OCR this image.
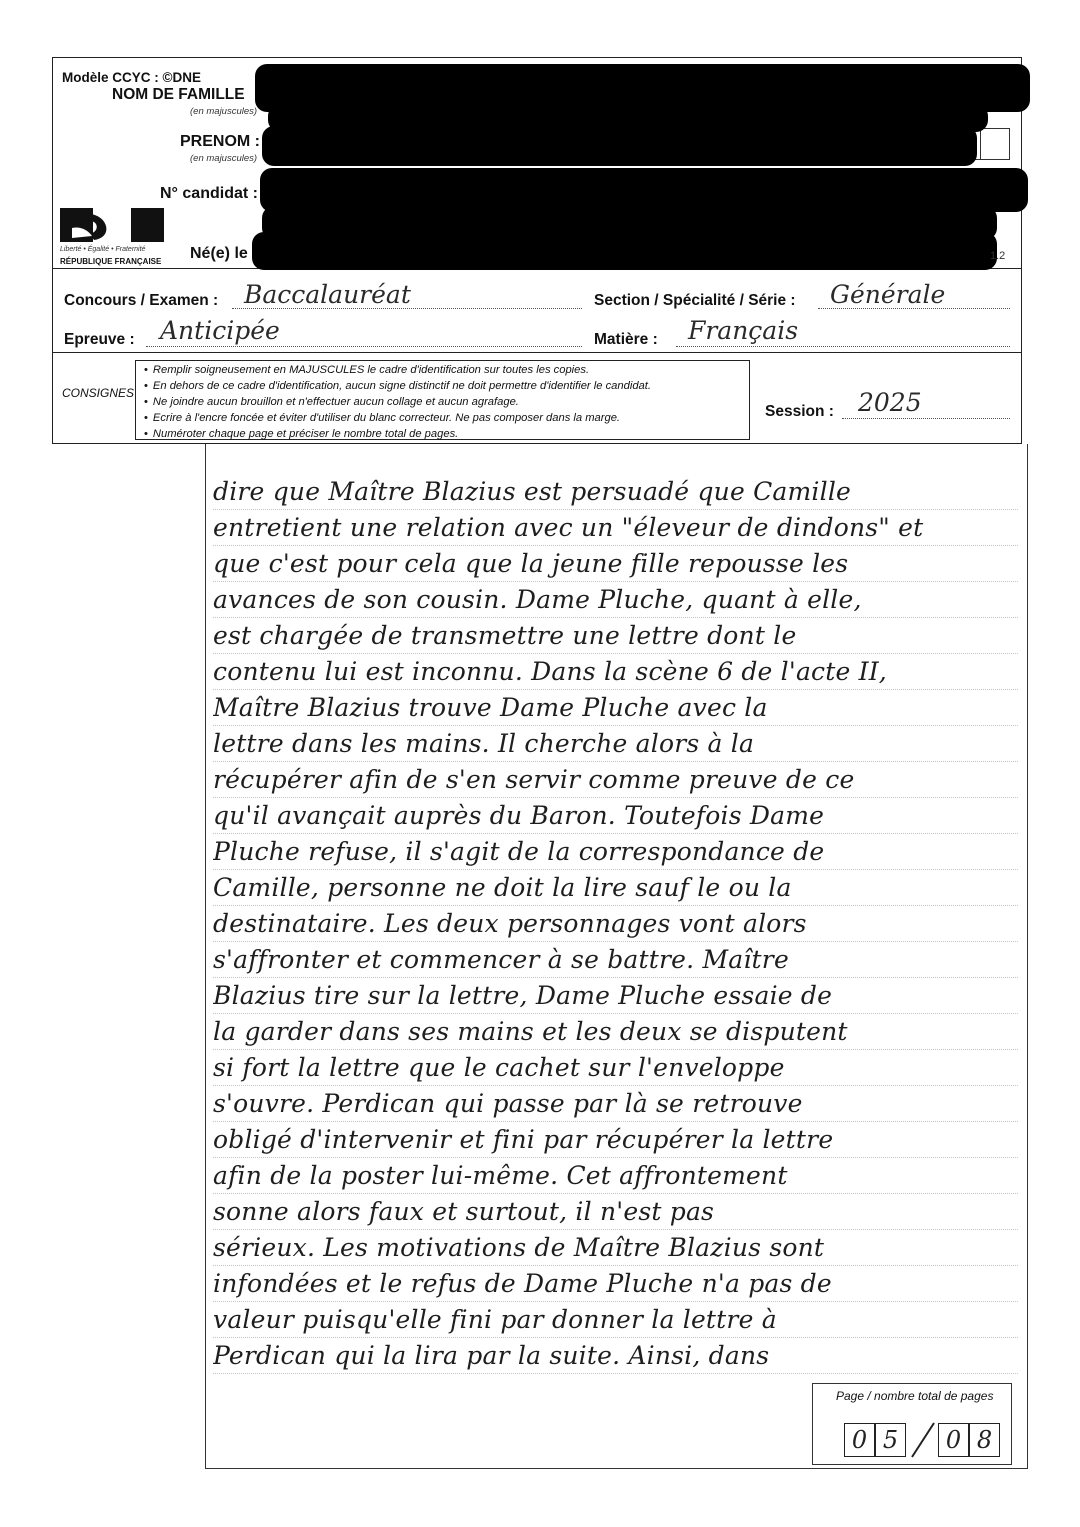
Modèle CCYC : ©DNE
NOM DE FAMILLE
(en majuscules)
PRENOM :
(en majuscules)
N° candidat :
Né(e) le
Liberté • Égalité • Fraternité
RÉPUBLIQUE FRANÇAISE	1.2
Concours / Examen : Baccalauréat	Section / Spécialité / Série : Générale
Epreuve : Anticipée	Matière : Français
CONSIGNES
• Remplir soigneusement en MAJUSCULES le cadre d'identification sur toutes les copies.
• En dehors de ce cadre d'identification, aucun signe distinctif ne doit permettre d'identifier le candidat.
• Ne joindre aucun brouillon et n'effectuer aucun collage et aucun agrafage.
• Ecrire à l'encre foncée et éviter d'utiliser du blanc correcteur. Ne pas composer dans la marge.
• Numéroter chaque page et préciser le nombre total de pages.
Session : 2025
dire que Maître Blazius est persuadé que Camille
entretient une relation avec un "éleveur de dindons" et
que c'est pour cela que la jeune fille repousse les
avances de son cousin. Dame Pluche, quant à elle,
est chargée de transmettre une lettre dont le
contenu lui est inconnu. Dans la scène 6 de l'acte II,
Maître Blazius trouve Dame Pluche avec la
lettre dans les mains. Il cherche alors à la
récupérer afin de s'en servir comme preuve de ce
qu'il avançait auprès du Baron. Toutefois Dame
Pluche refuse, il s'agit de la correspondance de
Camille, personne ne doit la lire sauf le ou la
destinataire. Les deux personnages vont alors
s'affronter et commencer à se battre. Maître
Blazius tire sur la lettre, Dame Pluche essaie de
la garder dans ses mains et les deux se disputent
si fort la lettre que le cachet sur l'enveloppe
s'ouvre. Perdican qui passe par là se retrouve
obligé d'intervenir et fini par récupérer la lettre
afin de la poster lui-même. Cet affrontement
sonne alors faux et surtout, il n'est pas
sérieux. Les motivations de Maître Blazius sont
infondées et le refus de Dame Pluche n'a pas de
valeur puisqu'elle fini par donner la lettre à
Perdican qui la lira par la suite. Ainsi, dans
Page / nombre total de pages
0 5	0 8
